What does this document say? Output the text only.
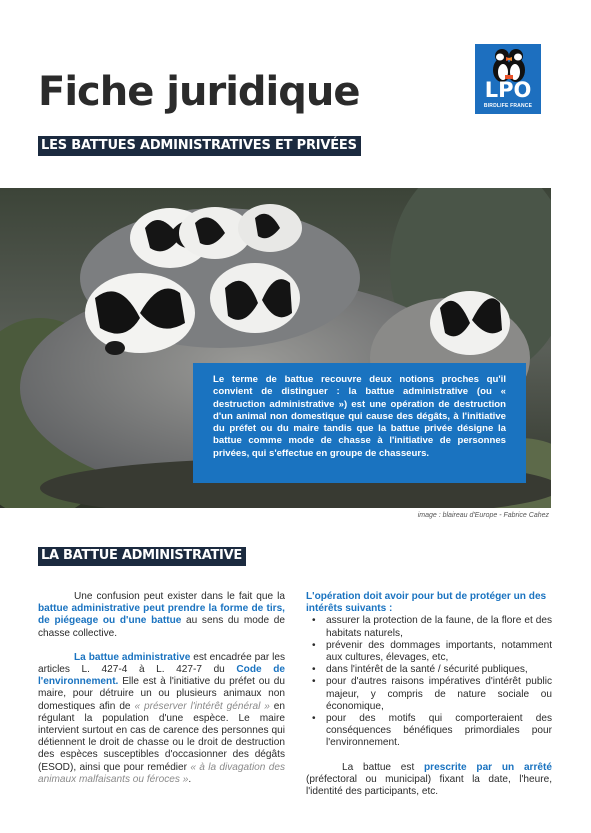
Fiche juridique
LES BATTUES ADMINISTRATIVES ET PRIVÉES
LPO
BIRDLIFE FRANCE
Le terme de battue recouvre deux notions proches qu'il convient de distinguer : la battue administrative (ou « destruction administrative ») est une opération de destruction d'un animal non domestique qui cause des dégâts, à l'initiative du préfet ou du maire tandis que la battue privée désigne la battue comme mode de chasse à l'initiative de personnes privées, qui s'effectue en groupe de chasseurs.
image : blaireau d'Europe - Fabrice Cahez
LA BATTUE ADMINISTRATIVE

Une confusion peut exister dans le fait que la battue administrative peut prendre la forme de tirs, de piégeage ou d'une battue au sens du mode de chasse collective.

La battue administrative est encadrée par les articles L. 427-4 à L. 427-7 du Code de l'environnement. Elle est à l'initiative du préfet ou du maire, pour détruire un ou plusieurs animaux non domestiques afin de « préserver l'intérêt général » en régulant la population d'une espèce. Le maire intervient surtout en cas de carence des personnes qui détiennent le droit de chasse ou le droit de destruction des espèces susceptibles d'occasionner des dégâts (ESOD), ainsi que pour remédier « à la divagation des animaux malfaisants ou féroces ».

L'opération doit avoir pour but de protéger un des intérêts suivants :

• assurer la protection de la faune, de la flore et des habitats naturels,
• prévenir des dommages importants, notamment aux cultures, élevages, etc,
• dans l'intérêt de la santé / sécurité publiques,
• pour d'autres raisons impératives d'intérêt public majeur, y compris de nature sociale ou économique,
• pour des motifs qui comporteraient des conséquences bénéfiques primordiales pour l'environnement.

La battue est prescrite par un arrêté (préfectoral ou municipal) fixant la date, l'heure, l'identité des participants, etc.
